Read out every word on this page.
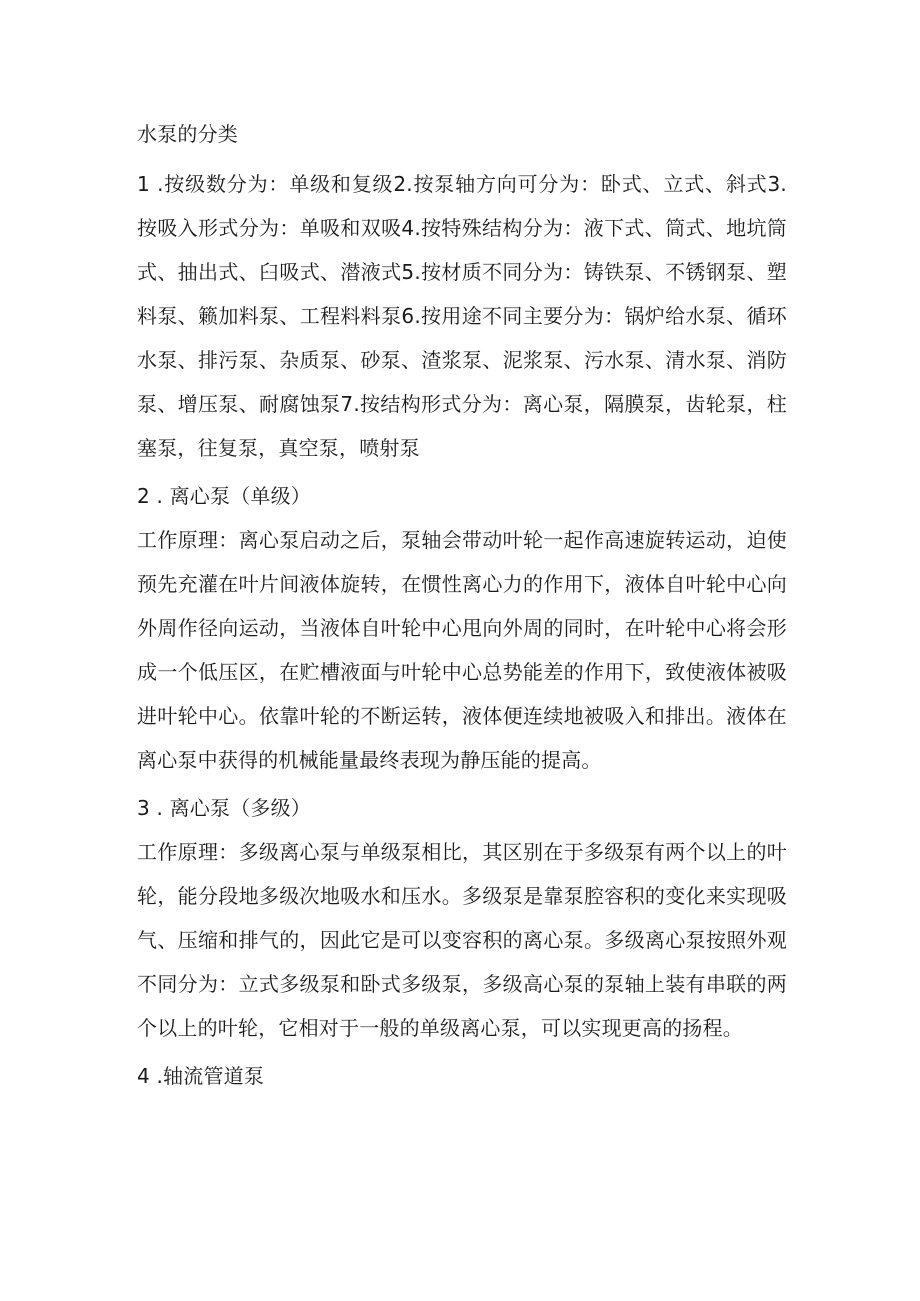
水泵的分类

1 .按级数分为：单级和复级2.按泵轴方向可分为：卧式、立式、斜式3. 按吸入形式分为：单吸和双吸4.按特殊结构分为：液下式、筒式、地坑筒式、抽出式、臼吸式、潜液式5.按材质不同分为：铸铁泵、不锈钢泵、塑料泵、籁加料泵、工程料料泵6.按用途不同主要分为：锅炉给水泵、循环水泵、排污泵、杂质泵、砂泵、渣浆泵、泥浆泵、污水泵、清水泵、消防泵、增压泵、耐腐蚀泵7.按结构形式分为：离心泵，隔膜泵，齿轮泵，柱塞泵，往复泵，真空泵，喷射泵

2 . 离心泵（单级）

工作原理：离心泵启动之后，泵轴会带动叶轮一起作高速旋转运动，迫使预先充灌在叶片间液体旋转，在惯性离心力的作用下，液体自叶轮中心向外周作径向运动，当液体自叶轮中心甩向外周的同时，在叶轮中心将会形成一个低压区，在贮槽液面与叶轮中心总势能差的作用下，致使液体被吸进叶轮中心。依靠叶轮的不断运转，液体便连续地被吸入和排出。液体在离心泵中获得的机械能量最终表现为静压能的提高。

3 . 离心泵（多级）

工作原理：多级离心泵与单级泵相比，其区别在于多级泵有两个以上的叶轮，能分段地多级次地吸水和压水。多级泵是靠泵腔容积的变化来实现吸气、压缩和排气的，因此它是可以变容积的离心泵。多级离心泵按照外观不同分为：立式多级泵和卧式多级泵，多级高心泵的泵轴上装有串联的两个以上的叶轮，它相对于一般的单级离心泵，可以实现更高的扬程。

4 .轴流管道泵
